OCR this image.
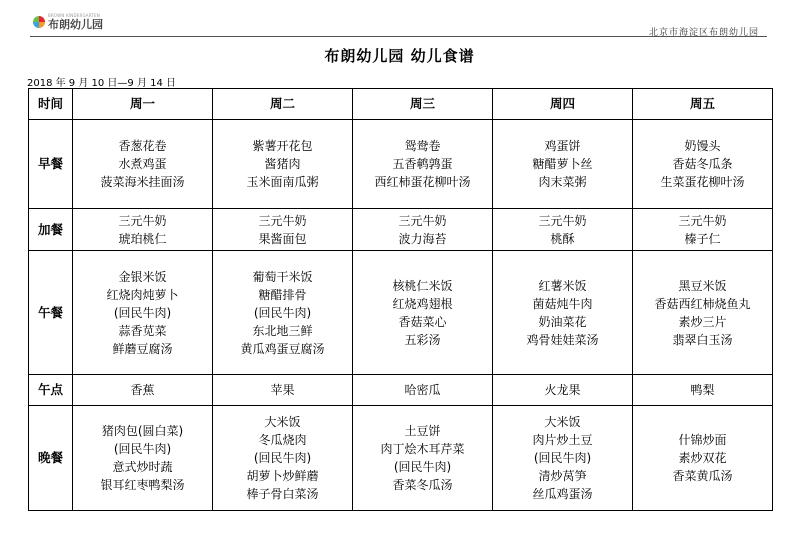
BROWN KINDERGARTEN
布朗幼儿园
北京市海淀区布朗幼儿园
布朗幼儿园 幼儿食谱
2018 年 9 月 10 日—9 月 14 日
时间	周一	周二	周三	周四	周五
早餐	香葱花卷
水煮鸡蛋
菠菜海米挂面汤	紫薯开花包
酱猪肉
玉米面南瓜粥	鸳鸯卷
五香鹌鹑蛋
西红柿蛋花柳叶汤	鸡蛋饼
糖醋萝卜丝
肉末菜粥	奶馒头
香菇冬瓜条
生菜蛋花柳叶汤

加餐	三元牛奶
琥珀桃仁	三元牛奶
果酱面包	三元牛奶
波力海苔	三元牛奶
桃酥	三元牛奶
榛子仁

午餐	金银米饭
红烧肉炖萝卜
(回民牛肉)
蒜香苋菜
鲜蘑豆腐汤	葡萄干米饭
糖醋排骨
(回民牛肉)
东北地三鲜
黄瓜鸡蛋豆腐汤	核桃仁米饭
红烧鸡翅根
香菇菜心
五彩汤	红薯米饭
菌菇炖牛肉
奶油菜花
鸡骨娃娃菜汤	黑豆米饭
香菇西红柿烧鱼丸
素炒三片
翡翠白玉汤

午点	香蕉	苹果	哈密瓜	火龙果	鸭梨

晚餐	猪肉包(圆白菜)
(回民牛肉)
意式炒时蔬
银耳红枣鸭梨汤	大米饭
冬瓜烧肉
(回民牛肉)
胡萝卜炒鲜蘑
棒子骨白菜汤	土豆饼
肉丁烩木耳芹菜
(回民牛肉)
香菜冬瓜汤	大米饭
肉片炒土豆
(回民牛肉)
清炒莴笋
丝瓜鸡蛋汤	什锦炒面
素炒双花
香菜黄瓜汤
